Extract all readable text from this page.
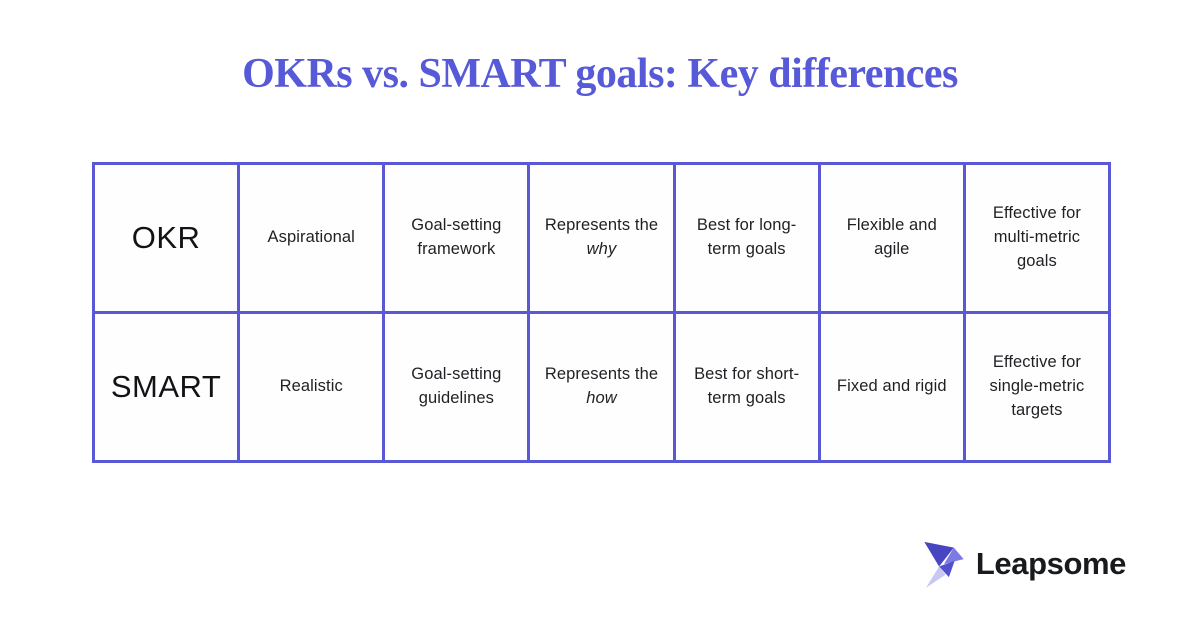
OKRs vs. SMART goals: Key differences
OKR	Aspirational	Goal-setting framework	Represents the why	Best for long-term goals	Flexible and agile	Effective for multi-metric goals
SMART	Realistic	Goal-setting guidelines	Represents the how	Best for short-term goals	Fixed and rigid	Effective for single-metric targets
Leapsome
